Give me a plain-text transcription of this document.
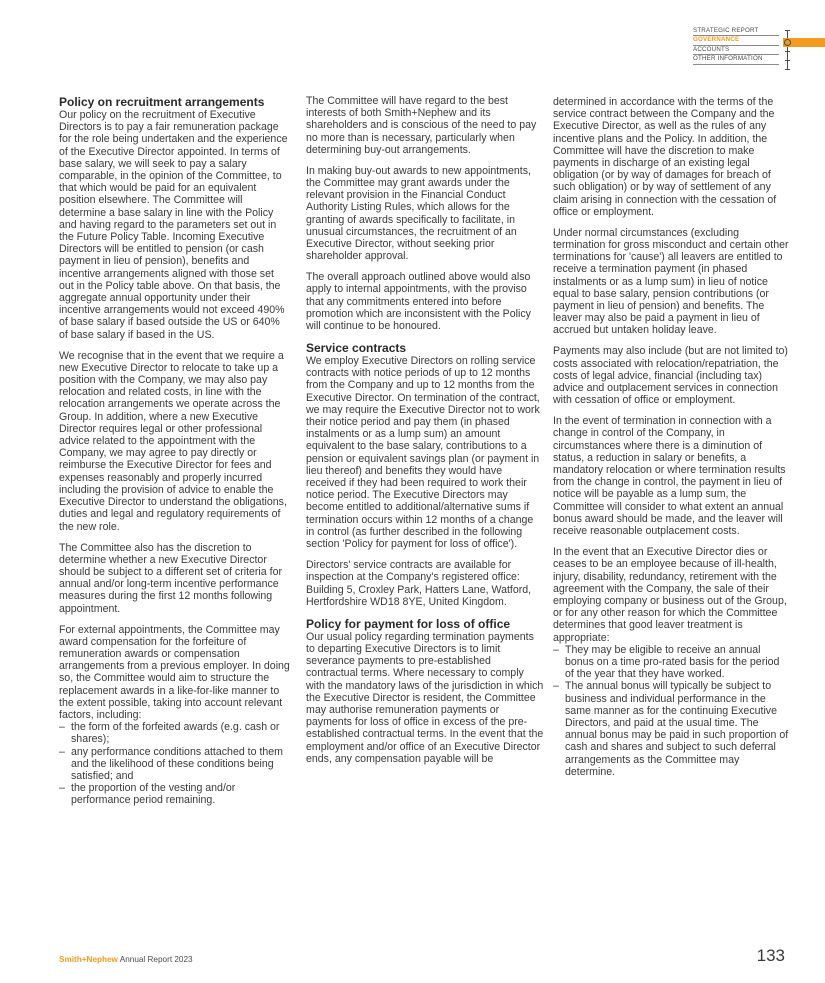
STRATEGIC REPORT
GOVERNANCE
ACCOUNTS
OTHER INFORMATION
Policy on recruitment arrangements

Our policy on the recruitment of Executive Directors is to pay a fair remuneration package for the role being undertaken and the experience of the Executive Director appointed. In terms of base salary, we will seek to pay a salary comparable, in the opinion of the Committee, to that which would be paid for an equivalent position elsewhere. The Committee will determine a base salary in line with the Policy and having regard to the parameters set out in the Future Policy Table. Incoming Executive Directors will be entitled to pension (or cash payment in lieu of pension), benefits and incentive arrangements aligned with those set out in the Policy table above. On that basis, the aggregate annual opportunity under their incentive arrangements would not exceed 490% of base salary if based outside the US or 640% of base salary if based in the US.

We recognise that in the event that we require a new Executive Director to relocate to take up a position with the Company, we may also pay relocation and related costs, in line with the relocation arrangements we operate across the Group. In addition, where a new Executive Director requires legal or other professional advice related to the appointment with the Company, we may agree to pay directly or reimburse the Executive Director for fees and expenses reasonably and properly incurred including the provision of advice to enable the Executive Director to understand the obligations, duties and legal and regulatory requirements of the new role.

The Committee also has the discretion to determine whether a new Executive Director should be subject to a different set of criteria for annual and/or long-term incentive performance measures during the first 12 months following appointment.

For external appointments, the Committee may award compensation for the forfeiture of remuneration awards or compensation arrangements from a previous employer. In doing so, the Committee would aim to structure the replacement awards in a like-for-like manner to the extent possible, taking into account relevant factors, including:

– the form of the forfeited awards (e.g. cash or shares);
– any performance conditions attached to them and the likelihood of these conditions being satisfied; and
– the proportion of the vesting and/or performance period remaining.

The Committee will have regard to the best interests of both Smith+Nephew and its shareholders and is conscious of the need to pay no more than is necessary, particularly when determining buy-out arrangements.

In making buy-out awards to new appointments, the Committee may grant awards under the relevant provision in the Financial Conduct Authority Listing Rules, which allows for the granting of awards specifically to facilitate, in unusual circumstances, the recruitment of an Executive Director, without seeking prior shareholder approval.

The overall approach outlined above would also apply to internal appointments, with the proviso that any commitments entered into before promotion which are inconsistent with the Policy will continue to be honoured.

Service contracts

We employ Executive Directors on rolling service contracts with notice periods of up to 12 months from the Company and up to 12 months from the Executive Director. On termination of the contract, we may require the Executive Director not to work their notice period and pay them (in phased instalments or as a lump sum) an amount equivalent to the base salary, contributions to a pension or equivalent savings plan (or payment in lieu thereof) and benefits they would have received if they had been required to work their notice period. The Executive Directors may become entitled to additional/alternative sums if termination occurs within 12 months of a change in control (as further described in the following section 'Policy for payment for loss of office').

Directors' service contracts are available for inspection at the Company's registered office: Building 5, Croxley Park, Hatters Lane, Watford, Hertfordshire WD18 8YE, United Kingdom.

Policy for payment for loss of office

Our usual policy regarding termination payments to departing Executive Directors is to limit severance payments to pre-established contractual terms. Where necessary to comply with the mandatory laws of the jurisdiction in which the Executive Director is resident, the Committee may authorise remuneration payments or payments for loss of office in excess of the pre-established contractual terms. In the event that the employment and/or office of an Executive Director ends, any compensation payable will be

determined in accordance with the terms of the service contract between the Company and the Executive Director, as well as the rules of any incentive plans and the Policy. In addition, the Committee will have the discretion to make payments in discharge of an existing legal obligation (or by way of damages for breach of such obligation) or by way of settlement of any claim arising in connection with the cessation of office or employment.

Under normal circumstances (excluding termination for gross misconduct and certain other terminations for 'cause') all leavers are entitled to receive a termination payment (in phased instalments or as a lump sum) in lieu of notice equal to base salary, pension contributions (or payment in lieu of pension) and benefits. The leaver may also be paid a payment in lieu of accrued but untaken holiday leave.

Payments may also include (but are not limited to) costs associated with relocation/repatriation, the costs of legal advice, financial (including tax) advice and outplacement services in connection with cessation of office or employment.

In the event of termination in connection with a change in control of the Company, in circumstances where there is a diminution of status, a reduction in salary or benefits, a mandatory relocation or where termination results from the change in control, the payment in lieu of notice will be payable as a lump sum, the Committee will consider to what extent an annual bonus award should be made, and the leaver will receive reasonable outplacement costs.

In the event that an Executive Director dies or ceases to be an employee because of ill-health, injury, disability, redundancy, retirement with the agreement with the Company, the sale of their employing company or business out of the Group, or for any other reason for which the Committee determines that good leaver treatment is appropriate:

– They may be eligible to receive an annual bonus on a time pro-rated basis for the period of the year that they have worked.
– The annual bonus will typically be subject to business and individual performance in the same manner as for the continuing Executive Directors, and paid at the usual time. The annual bonus may be paid in such proportion of cash and shares and subject to such deferral arrangements as the Committee may determine.
Smith+Nephew Annual Report 2023	133
